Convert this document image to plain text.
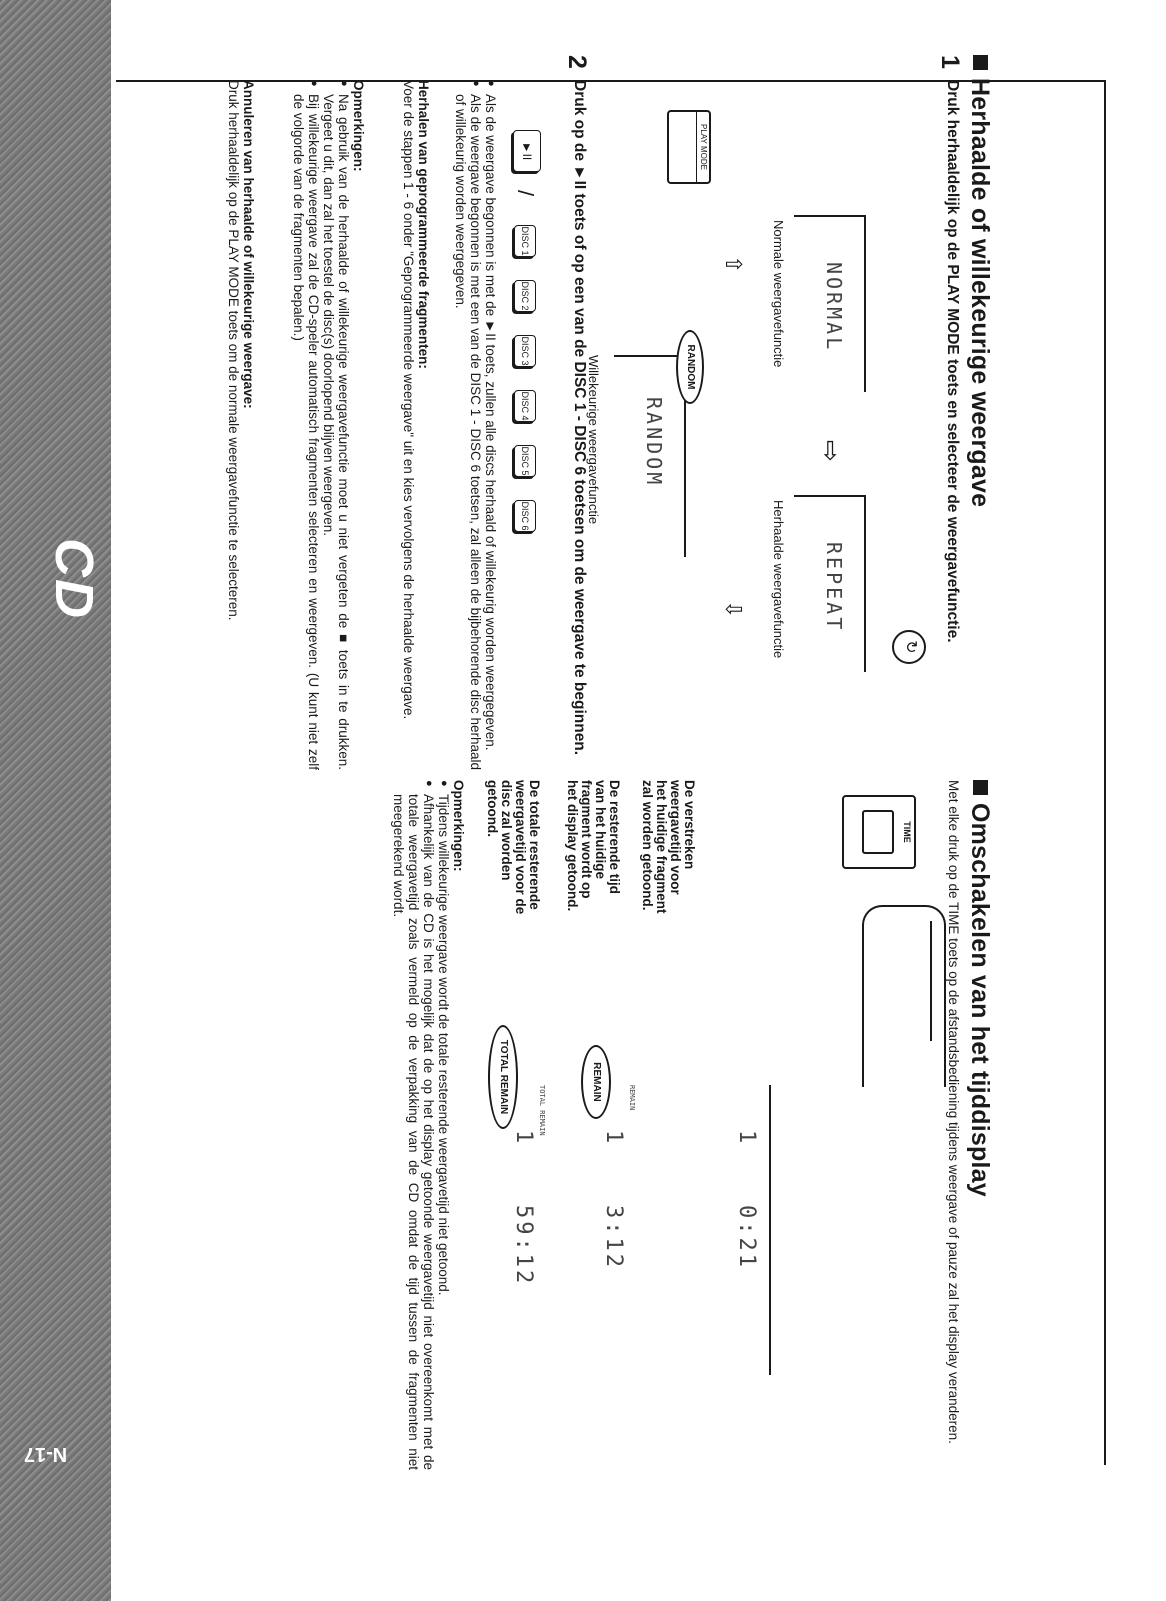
Herhaalde of willekeurige weergave
1
Druk herhaaldelijk op de PLAY MODE toets en selecteer de weergavefunctie.
PLAY MODE
NORMAL
Normale weergavefunctie
⇨
REPEAT
Herhaalde weergavefunctie	↻
RANDOM
RANDOM
Willekeurige weergavefunctie
⇧
⇩
2
Druk op de ►II toets of op een van de DISC 1 - DISC 6 toetsen om de weergave te beginnen.
►II
/
DISC 1
DISC 2
DISC 3
DISC 4
DISC 5
DISC 6
● Als de weergave begonnen is met de ►II toets, zullen alle discs herhaald of willekeurig worden weergegeven.
● Als de weergave begonnen is met een van de DISC 1 - DISC 6 toetsen, zal alleen de bijbehorende disc herhaald of willekeurig worden weergegeven.
Herhalen van geprogrammeerde fragmenten:
Voer de stappen 1 - 6 onder "Geprogrammeerde weergave" uit en kies vervolgens de herhaalde weergave.
Opmerkingen:
● Na gebruik van de herhaalde of willekeurige weergavefunctie moet u niet vergeten de ■ toets in te drukken. Vergeet u dit, dan zal het toestel de disc(s) doorlopend blijven weergeven.
● Bij willekeurige weergave zal de CD-speler automatisch fragmenten selecteren en weergeven. (U kunt niet zelf de volgorde van de fragmenten bepalen.)
Annuleren van herhaalde of willekeurige weergave:
Druk herhaaldelijk op de PLAY MODE toets om de normale weergavefunctie te selecteren.
Omschakelen van het tijddisplay
Met elke druk op de TIME toets op de afstandsbediening tijdens weergave of pauze zal het display veranderen.
TIME
De verstreken weergavetijd voor het huidige fragment zal worden getoond.
1
0:21
De resterende tijd van het huidige fragment wordt op het display getoond.
REMAIN
1
3:12
REMAIN
De totale resterende weergavetijd voor de disc zal worden getoond.
TOTAL REMAIN
1
59:12
TOTAL REMAIN
Opmerkingen:
● Tijdens willekeurige weergave wordt de totale resterende weergavetijd niet getoond.
● Afhankelijk van de CD is het mogelijk dat de op het display getoonde weergavetijd niet overeenkomt met de totale weergavetijd zoals vermeld op de verpakking van de CD omdat de tijd tussen de fragmenten niet meegerekend wordt.
CD
N-17
